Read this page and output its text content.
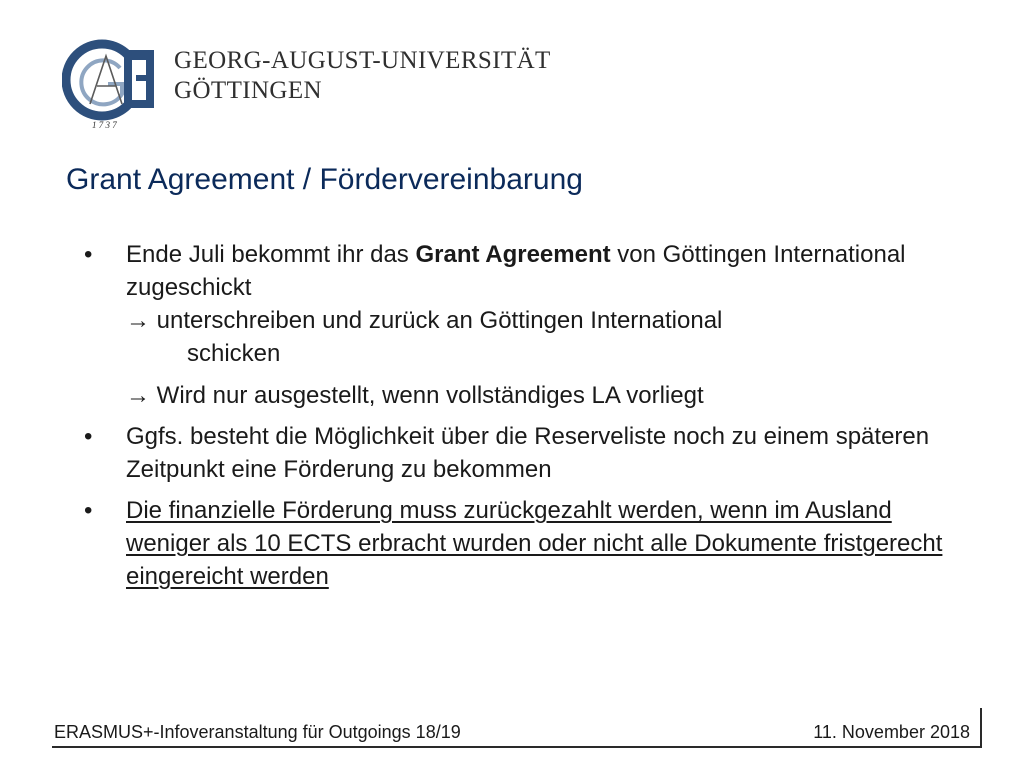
1 7 3 7
GEORG-AUGUST-UNIVERSITÄT
GÖTTINGEN
Grant Agreement / Fördervereinbarung
•	Ende Juli bekommt ihr das Grant Agreement von Göttingen International zugeschickt
→ unterschreiben und zurück an Göttingen International
schicken
→ Wird nur ausgestellt, wenn vollständiges LA vorliegt
•	Ggfs. besteht die Möglichkeit über die Reserveliste noch zu einem späteren Zeitpunkt eine Förderung zu bekommen
•	Die finanzielle Förderung muss zurückgezahlt werden, wenn im Ausland weniger als 10 ECTS erbracht wurden oder nicht alle Dokumente fristgerecht eingereicht werden
ERASMUS+-Infoveranstaltung für Outgoings 18/19	11. November 2018
